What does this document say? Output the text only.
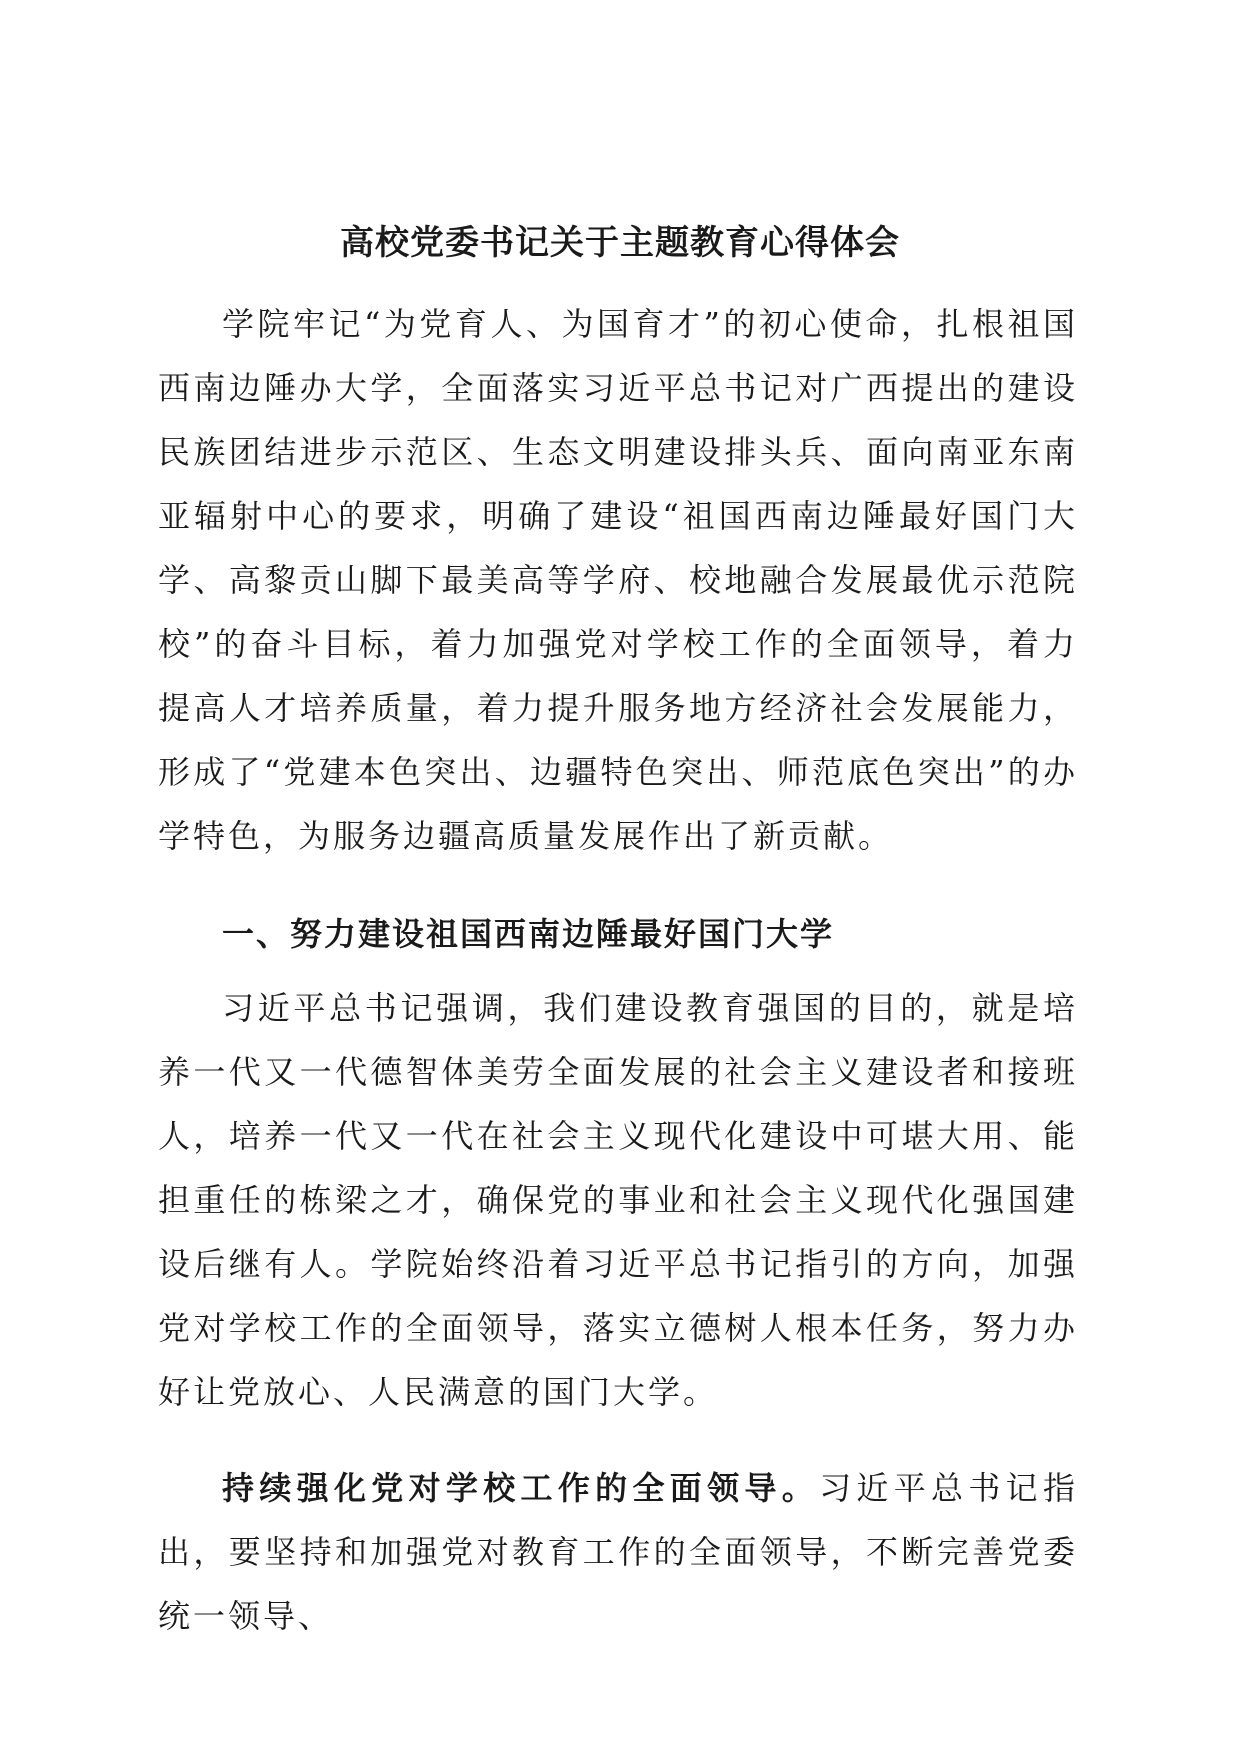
高校党委书记关于主题教育心得体会

学院牢记“为党育人、为国育才”的初心使命，扎根祖国西南边陲办大学，全面落实习近平总书记对广西提出的建设民族团结进步示范区、生态文明建设排头兵、面向南亚东南亚辐射中心的要求，明确了建设“祖国西南边陲最好国门大学、高黎贡山脚下最美高等学府、校地融合发展最优示范院校”的奋斗目标，着力加强党对学校工作的全面领导，着力提高人才培养质量，着力提升服务地方经济社会发展能力，形成了“党建本色突出、边疆特色突出、师范底色突出”的办学特色，为服务边疆高质量发展作出了新贡献。

一、努力建设祖国西南边陲最好国门大学

习近平总书记强调，我们建设教育强国的目的，就是培养一代又一代德智体美劳全面发展的社会主义建设者和接班人，培养一代又一代在社会主义现代化建设中可堪大用、能担重任的栋梁之才，确保党的事业和社会主义现代化强国建设后继有人。学院始终沿着习近平总书记指引的方向，加强党对学校工作的全面领导，落实立德树人根本任务，努力办好让党放心、人民满意的国门大学。

持续强化党对学校工作的全面领导。习近平总书记指出，要坚持和加强党对教育工作的全面领导，不断完善党委统一领导、
